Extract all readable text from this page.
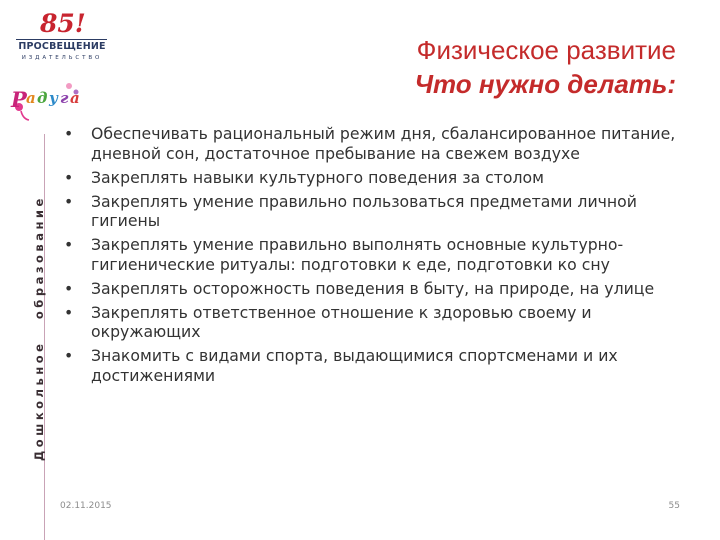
85!
ПРОСВЕЩЕНИЕ
ИЗДАТЕЛЬСТВО
Р а д у г а
Дошкольное образование
Физическое развитие
Что нужно делать:
• Обеспечивать рациональный режим дня, сбалансированное питание, дневной сон, достаточное пребывание на свежем воздухе
• Закреплять навыки культурного поведения за столом
• Закреплять умение правильно пользоваться предметами личной гигиены
• Закреплять умение правильно выполнять основные культурно-гигиенические ритуалы: подготовки к еде, подготовки ко сну
• Закреплять осторожность поведения в быту, на природе, на улице
• Закреплять ответственное отношение к здоровью своему и окружающих
• Знакомить с видами спорта, выдающимися спортсменами и их достижениями
02.11.2015	55
